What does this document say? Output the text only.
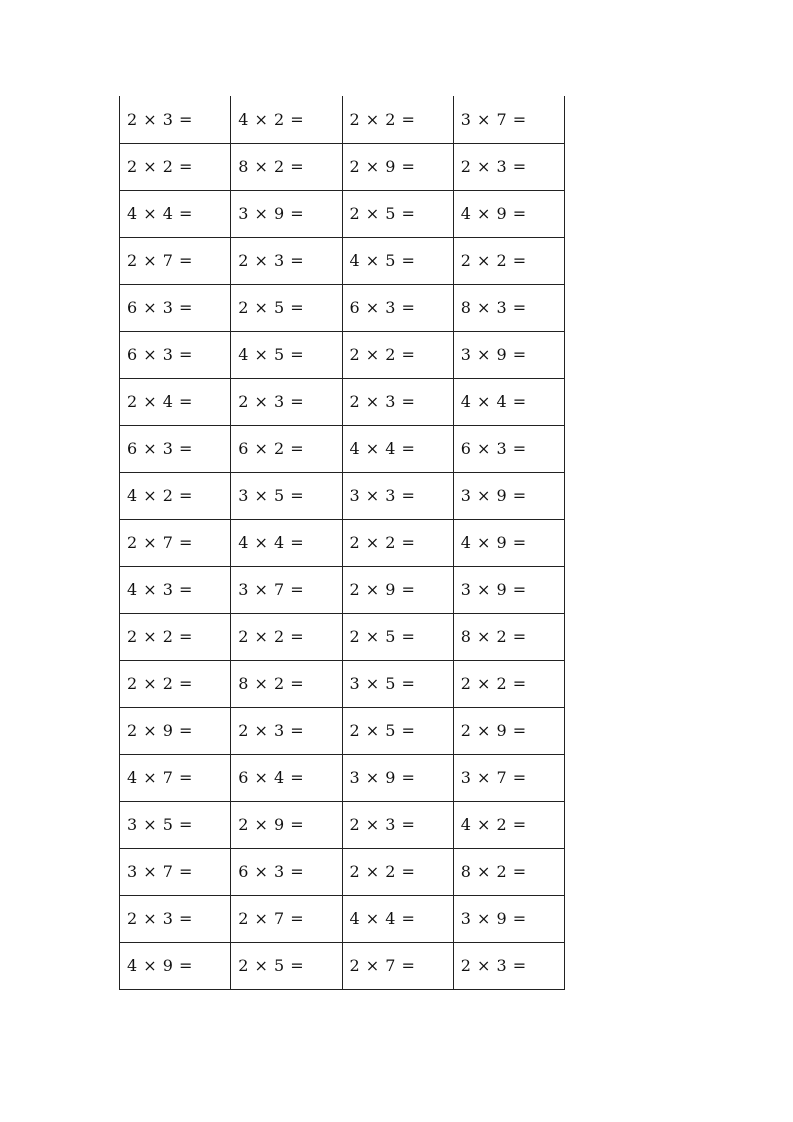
2 × 3 =	4 × 2 =	2 × 2 =	3 × 7 =
2 × 2 =	8 × 2 =	2 × 9 =	2 × 3 =
4 × 4 =	3 × 9 =	2 × 5 =	4 × 9 =
2 × 7 =	2 × 3 =	4 × 5 =	2 × 2 =
6 × 3 =	2 × 5 =	6 × 3 =	8 × 3 =
6 × 3 =	4 × 5 =	2 × 2 =	3 × 9 =
2 × 4 =	2 × 3 =	2 × 3 =	4 × 4 =
6 × 3 =	6 × 2 =	4 × 4 =	6 × 3 =
4 × 2 =	3 × 5 =	3 × 3 =	3 × 9 =
2 × 7 =	4 × 4 =	2 × 2 =	4 × 9 =
4 × 3 =	3 × 7 =	2 × 9 =	3 × 9 =
2 × 2 =	2 × 2 =	2 × 5 =	8 × 2 =
2 × 2 =	8 × 2 =	3 × 5 =	2 × 2 =
2 × 9 =	2 × 3 =	2 × 5 =	2 × 9 =
4 × 7 =	6 × 4 =	3 × 9 =	3 × 7 =
3 × 5 =	2 × 9 =	2 × 3 =	4 × 2 =
3 × 7 =	6 × 3 =	2 × 2 =	8 × 2 =
2 × 3 =	2 × 7 =	4 × 4 =	3 × 9 =
4 × 9 =	2 × 5 =	2 × 7 =	2 × 3 =
